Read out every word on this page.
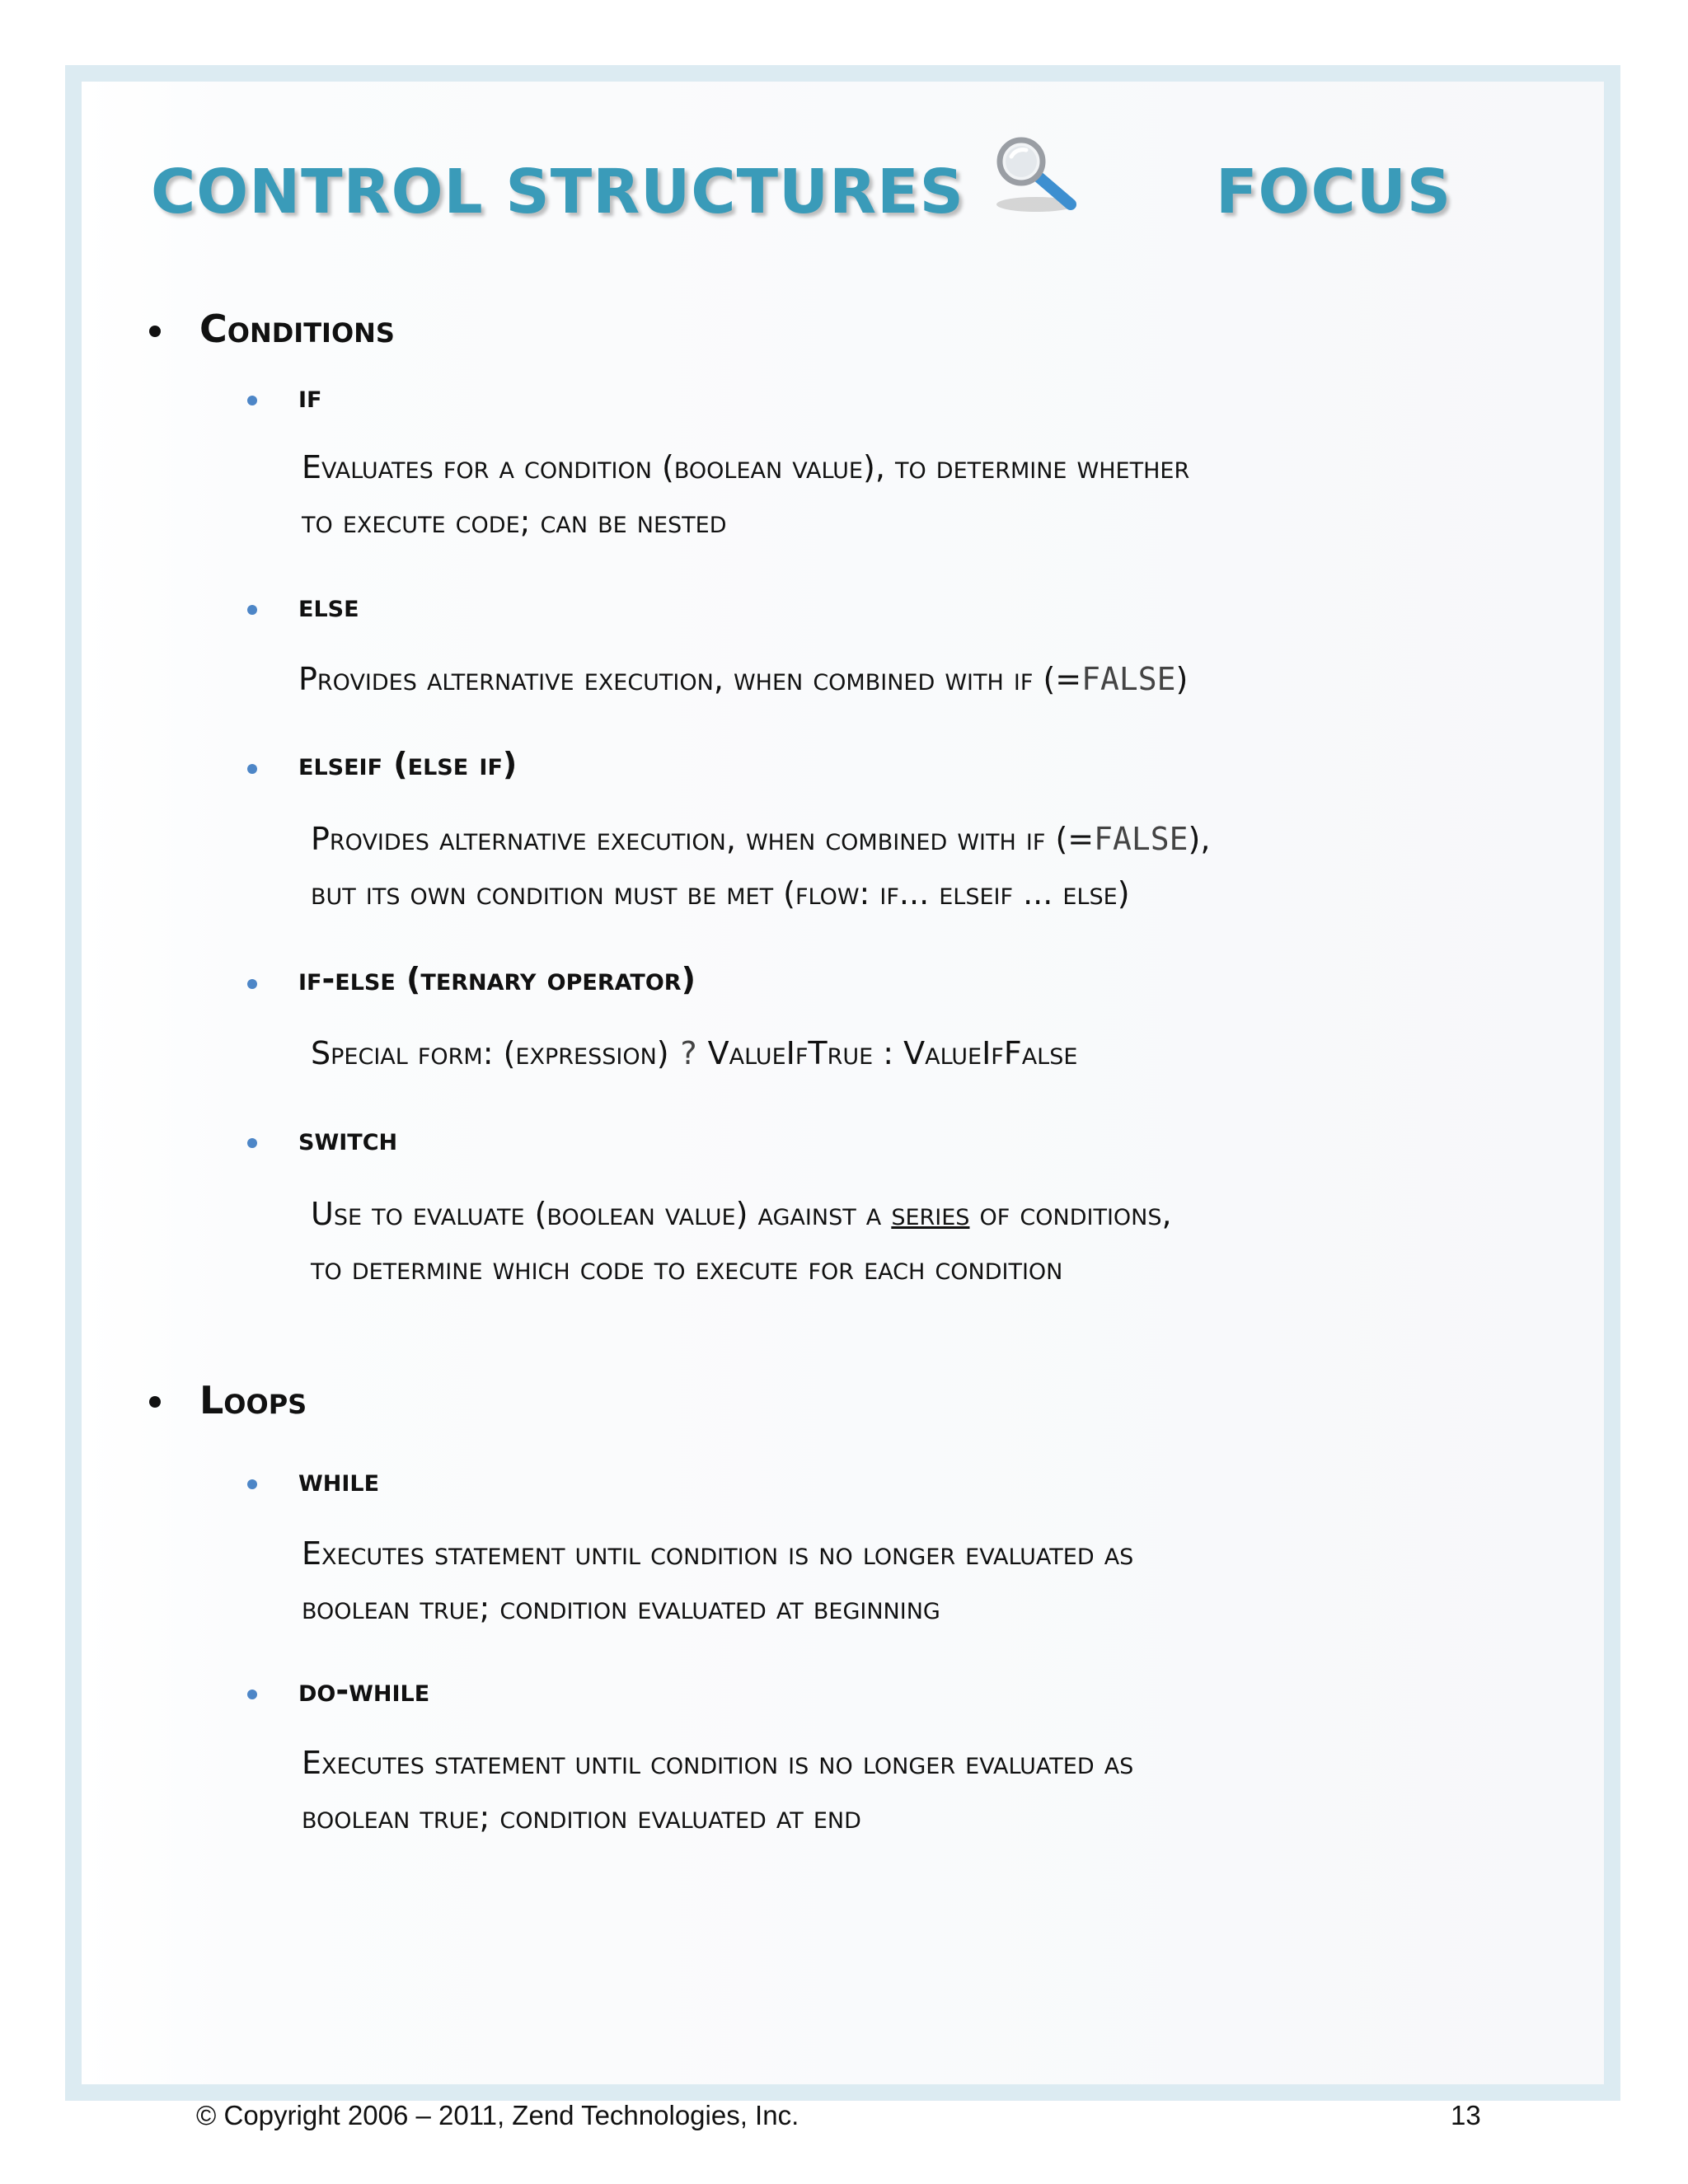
CONTROL STRUCTURES	FOCUS
Conditions
if
Evaluates for a condition (boolean value), to determine whether
to execute code; can be nested
else
Provides alternative execution, when combined with if (=FALSE)
elseif (else if)
Provides alternative execution, when combined with if (=FALSE),
but its own condition must be met (flow: if... elseif ... else)
if-else (ternary operator)
Special form: (expression) ? ValueIfTrue : ValueIfFalse
switch
Use to evaluate (boolean value) against a series of conditions,
to determine which code to execute for each condition
Loops
while
Executes statement until condition is no longer evaluated as
boolean true; condition evaluated at beginning
do-while
Executes statement until condition is no longer evaluated as
boolean true; condition evaluated at end
© Copyright 2006 – 2011, Zend Technologies, Inc.	13
